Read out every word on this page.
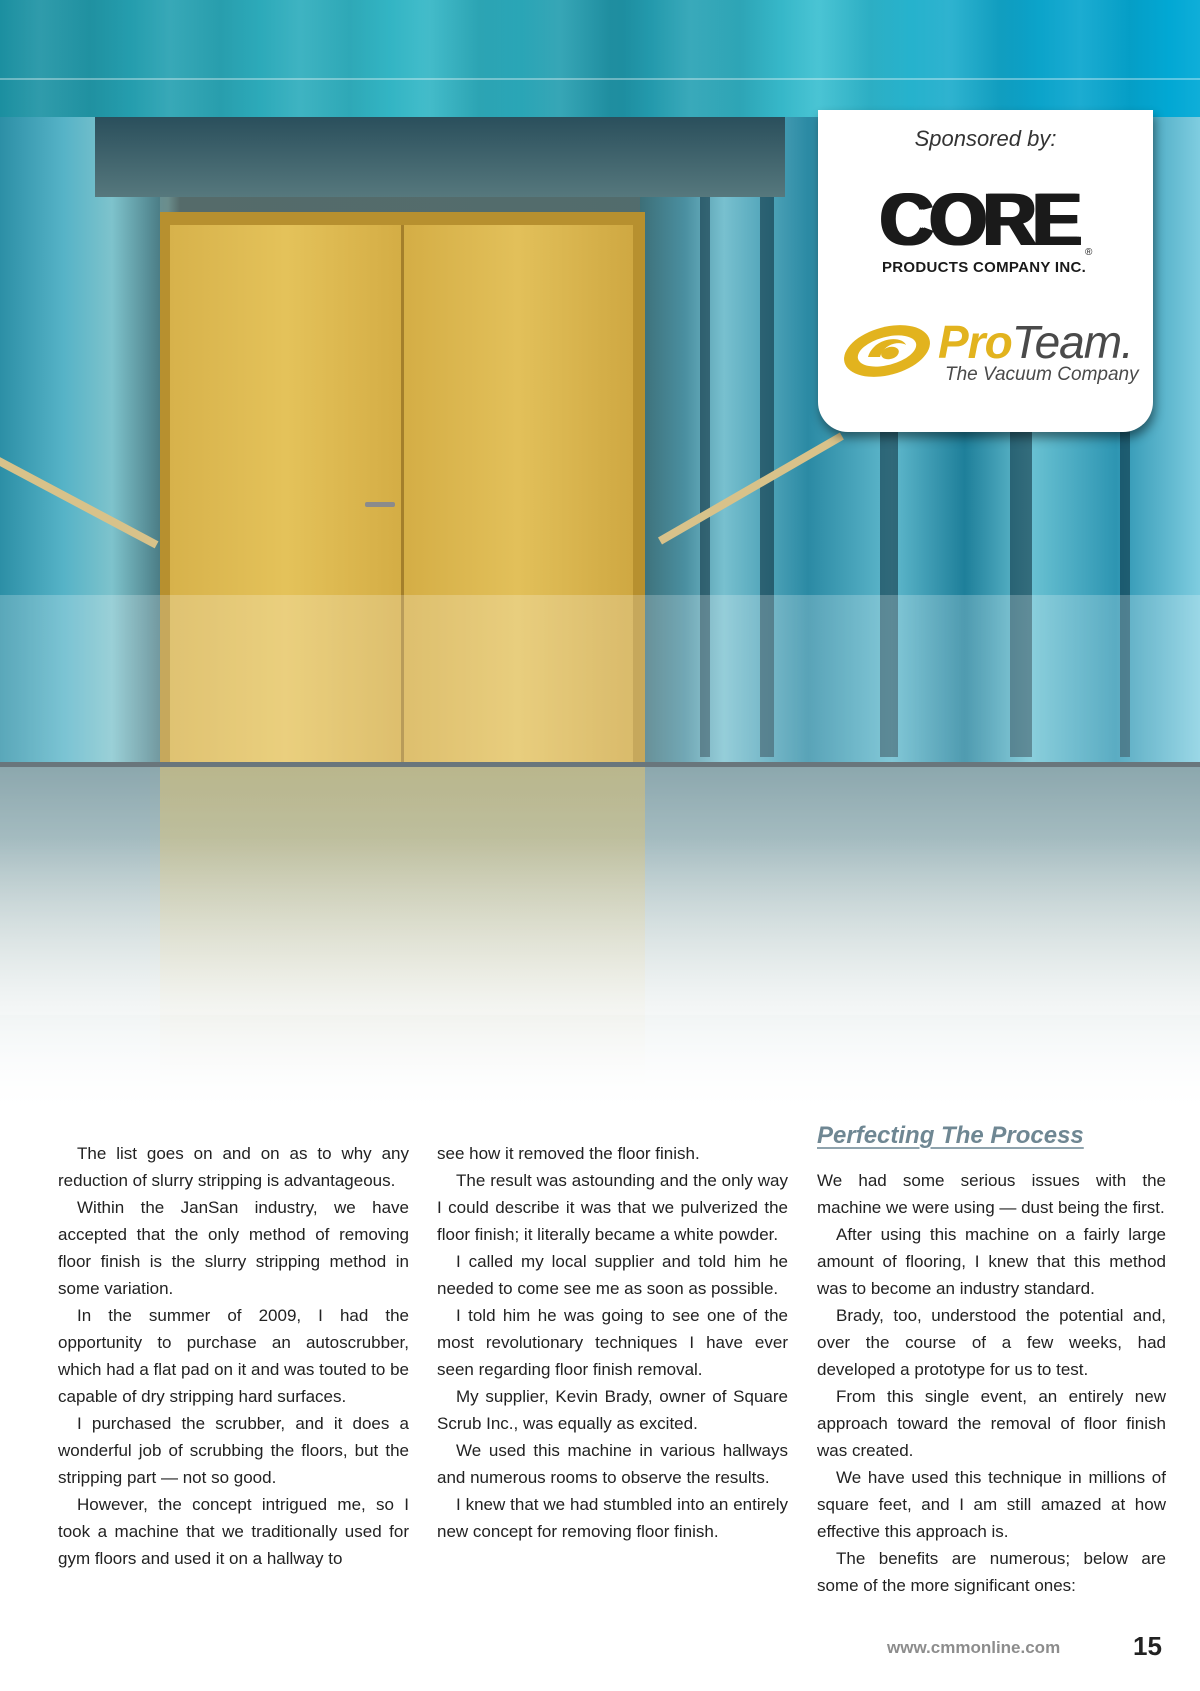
Sponsored by:
CORE
PRODUCTS COMPANY INC.
®
ProTeam.
The Vacuum Company

The list goes on and on as to why any reduction of slurry stripping is advantageous.

Within the JanSan industry, we have accepted that the only method of removing floor finish is the slurry stripping method in some variation.

In the summer of 2009, I had the opportunity to purchase an autoscrubber, which had a flat pad on it and was touted to be capable of dry stripping hard surfaces.

I purchased the scrubber, and it does a wonderful job of scrubbing the floors, but the stripping part — not so good.

However, the concept intrigued me, so I took a machine that we traditionally used for gym floors and used it on a hallway to

see how it removed the floor finish.

The result was astounding and the only way I could describe it was that we pulverized the floor finish; it literally became a white powder.

I called my local supplier and told him he needed to come see me as soon as possible.

I told him he was going to see one of the most revolutionary techniques I have ever seen regarding floor finish removal.

My supplier, Kevin Brady, owner of Square Scrub Inc., was equally as excited.

We used this machine in various hallways and numerous rooms to observe the results.

I knew that we had stumbled into an entirely new concept for removing floor finish.

Perfecting The Process

We had some serious issues with the machine we were using — dust being the first.

After using this machine on a fairly large amount of flooring, I knew that this method was to become an industry standard.

Brady, too, understood the potential and, over the course of a few weeks, had developed a prototype for us to test.

From this single event, an entirely new approach toward the removal of floor finish was created.

We have used this technique in millions of square feet, and I am still amazed at how effective this approach is.

The benefits are numerous; below are some of the more significant ones:

www.cmmonline.com	15
